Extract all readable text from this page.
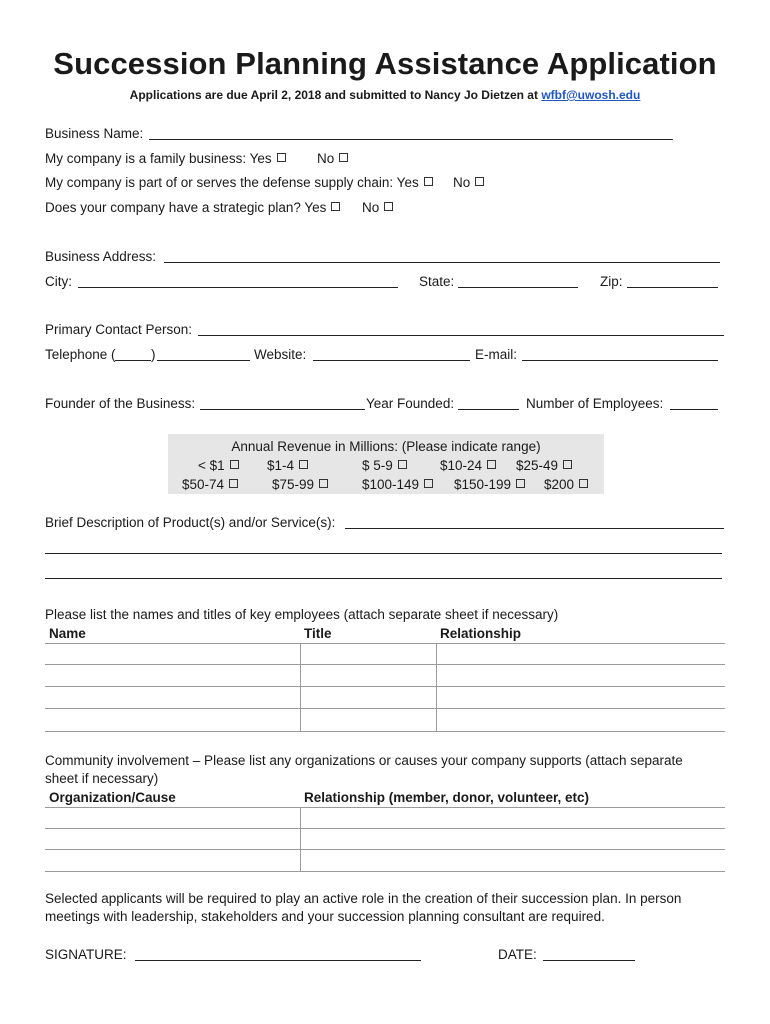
Succession Planning Assistance Application
Applications are due April 2, 2018 and submitted to Nancy Jo Dietzen at wfbf@uwosh.edu
Business Name:
My company is a family business: Yes	No
My company is part of or serves the defense supply chain: Yes	No
Does your company have a strategic plan? Yes	No
Business Address:
City:	State:	Zip:
Primary Contact Person:
Telephone (	)	Website:	E-mail:
Founder of the Business:	Year Founded:	Number of Employees:
Annual Revenue in Millions: (Please indicate range)
< $1	$1-4	$ 5-9	$10-24	$25-49
$50-74	$75-99	$100-149	$150-199	$200
Brief Description of Product(s) and/or Service(s):
Please list the names and titles of key employees (attach separate sheet if necessary)
Name	Title	Relationship
Community involvement – Please list any organizations or causes your company supports (attach separate
sheet if necessary)
Organization/Cause	Relationship (member, donor, volunteer, etc)
Selected applicants will be required to play an active role in the creation of their succession plan. In person
meetings with leadership, stakeholders and your succession planning consultant are required.
SIGNATURE:	DATE:
